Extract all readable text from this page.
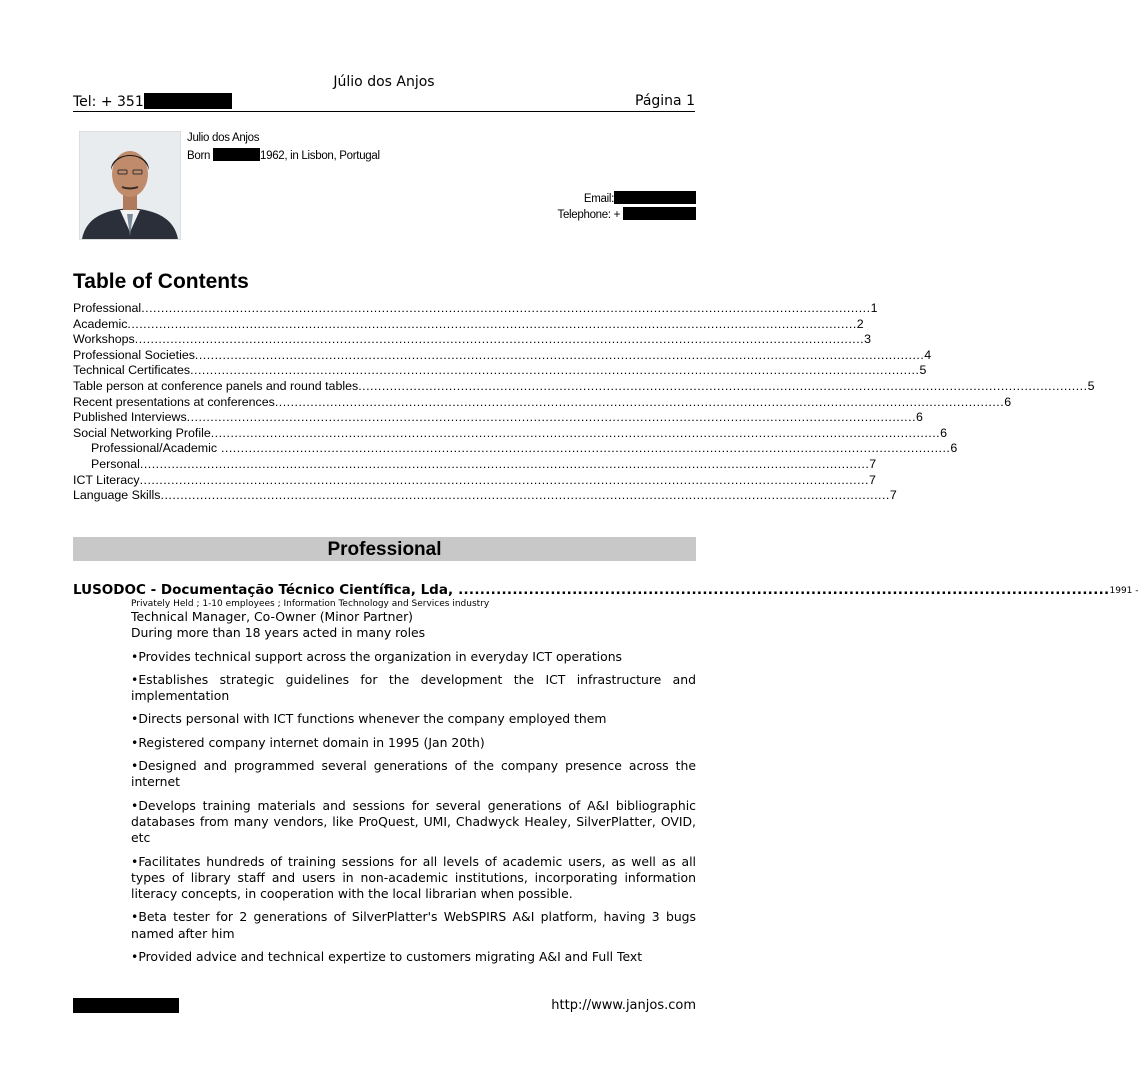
Júlio dos Anjos
Tel: + 351	Página 1
Julio dos Anjos
Born	1962, in Lisbon, Portugal
Email:
Telephone: +
Table of Contents
Professional ......................................................................................................................................................................................... 1
Academic ......................................................................................................................................................................................... 2
Workshops ......................................................................................................................................................................................... 3
Professional Societies ......................................................................................................................................................................................... 4
Technical Certificates ......................................................................................................................................................................................... 5
Table person at conference panels and round tables ......................................................................................................................................................................................... 5
Recent presentations at conferences ......................................................................................................................................................................................... 6
Published Interviews ......................................................................................................................................................................................... 6
Social Networking Profile ......................................................................................................................................................................................... 6
Professional/Academic ......................................................................................................................................................................................... 6
Personal ......................................................................................................................................................................................... 7
ICT Literacy ......................................................................................................................................................................................... 7
Language Skills ......................................................................................................................................................................................... 7
Professional
LUSODOC - Documentação Técnico Científica, Lda, ........................................................................................................................ 1991 -
Privately Held ; 1-10 employees ; Information Technology and Services industry
Technical Manager, Co-Owner (Minor Partner)
During more than 18 years acted in many roles
• Provides technical support across the organization in everyday ICT operations
• Establishes strategic guidelines for the development the ICT infrastructure and implementation
• Directs personal with ICT functions whenever the company employed them
• Registered company internet domain in 1995 (Jan 20th)
• Designed and programmed several generations of the company presence across the internet
• Develops training materials and sessions for several generations of A&I bibliographic databases from many vendors, like ProQuest, UMI, Chadwyck Healey, SilverPlatter, OVID, etc
• Facilitates hundreds of training sessions for all levels of academic users, as well as all types of library staff and users in non-academic institutions, incorporating information literacy concepts, in cooperation with the local librarian when possible.
• Beta tester for 2 generations of SilverPlatter's WebSPIRS A&I platform, having 3 bugs named after him
• Provided advice and technical expertize to customers migrating A&I and Full Text
http://www.janjos.com
